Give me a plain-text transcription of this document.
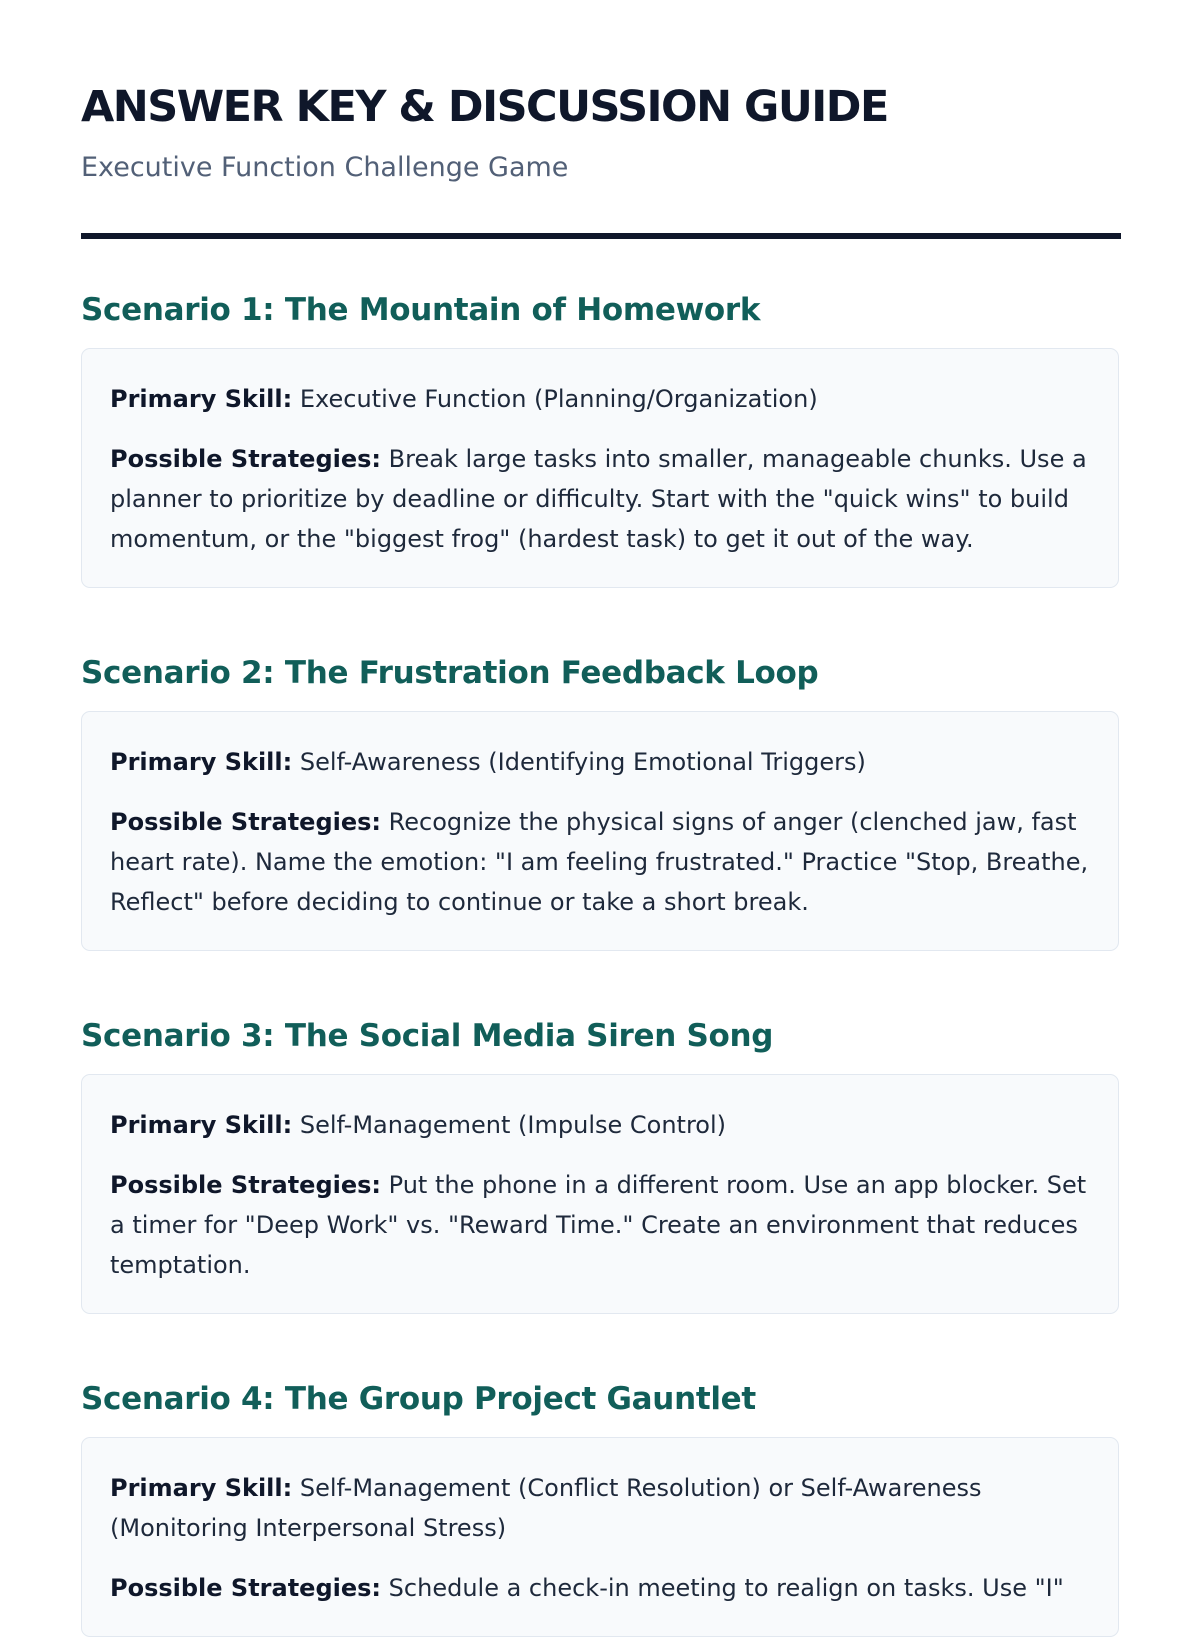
ANSWER KEY & DISCUSSION GUIDE

Executive Function Challenge Game

Scenario 1: The Mountain of Homework

Primary Skill: Executive Function (Planning/Organization)

Possible Strategies: Break large tasks into smaller, manageable chunks. Use a planner to prioritize by deadline or difficulty. Start with the "quick wins" to build momentum, or the "biggest frog" (hardest task) to get it out of the way.

Scenario 2: The Frustration Feedback Loop

Primary Skill: Self-Awareness (Identifying Emotional Triggers)

Possible Strategies: Recognize the physical signs of anger (clenched jaw, fast heart rate). Name the emotion: "I am feeling frustrated." Practice "Stop, Breathe, Reflect" before deciding to continue or take a short break.

Scenario 3: The Social Media Siren Song

Primary Skill: Self-Management (Impulse Control)

Possible Strategies: Put the phone in a different room. Use an app blocker. Set a timer for "Deep Work" vs. "Reward Time." Create an environment that reduces temptation.

Scenario 4: The Group Project Gauntlet

Primary Skill: Self-Management (Conflict Resolution) or Self-Awareness (Monitoring Interpersonal Stress)

Possible Strategies: Schedule a check-in meeting to realign on tasks. Use "I"
